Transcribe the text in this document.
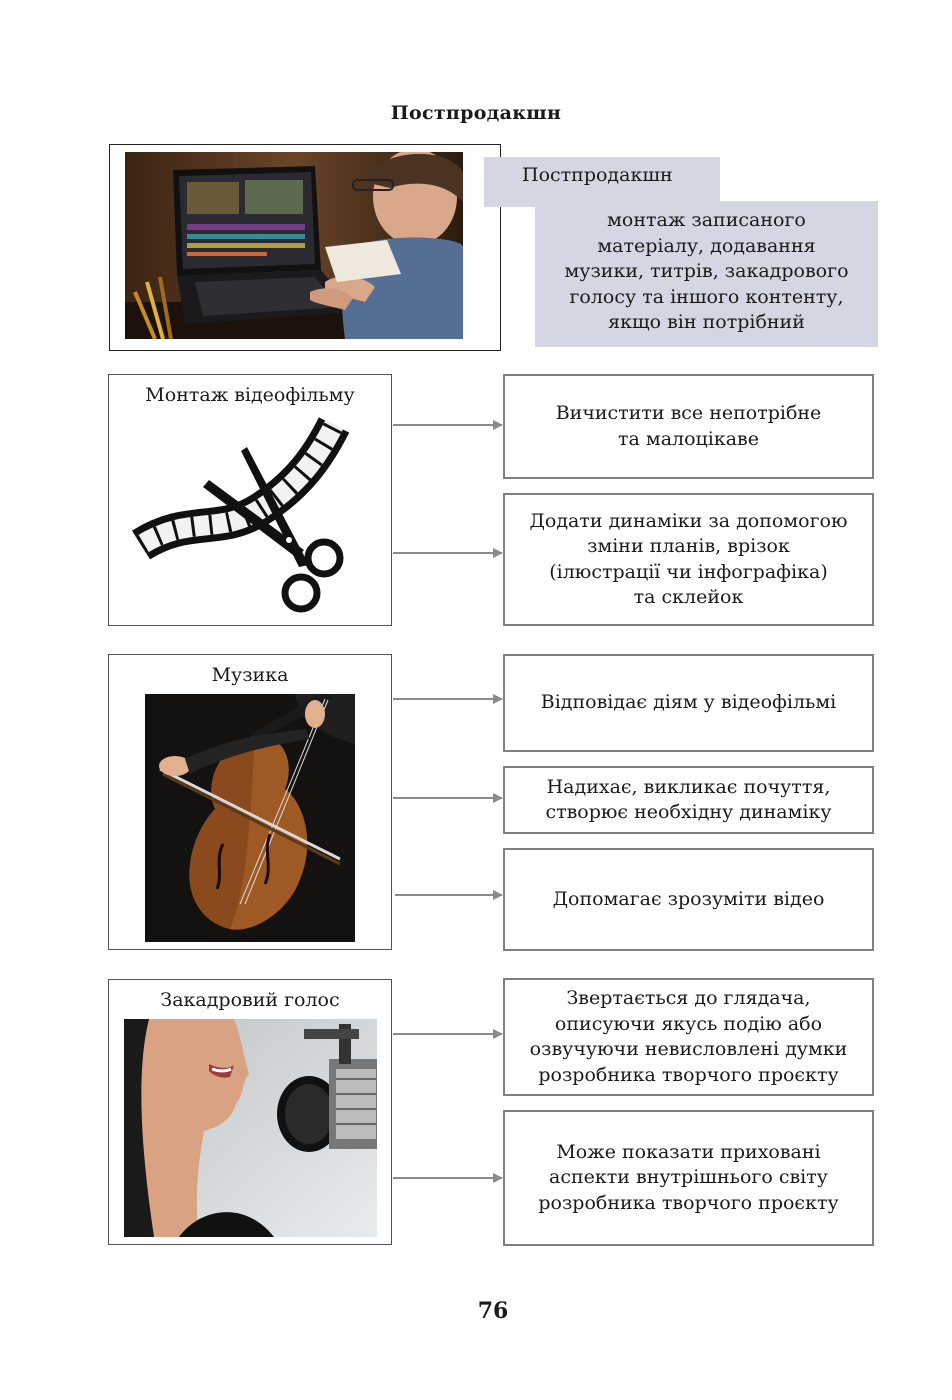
Постпродакшн
монтаж записаного
матеріалу, додавання
музики, титрів, закадрового
голосу та іншого контенту,
якщо він потрібний
Постпродакшн
Монтаж відеофільму
Музика
Закадровий голос
Вичистити все непотрібне
та малоцікаве
Додати динаміки за допомогою
зміни планів, врізок
(ілюстрації чи інфографіка)
та склейок
Відповідає діям у відеофільмі
Надихає, викликає почуття,
створює необхідну динаміку
Допомагає зрозуміти відео
Звертається до глядача,
описуючи якусь подію або
озвучуючи невисловлені думки
розробника творчого проєкту
Може показати приховані
аспекти внутрішнього світу
розробника творчого проєкту
76
